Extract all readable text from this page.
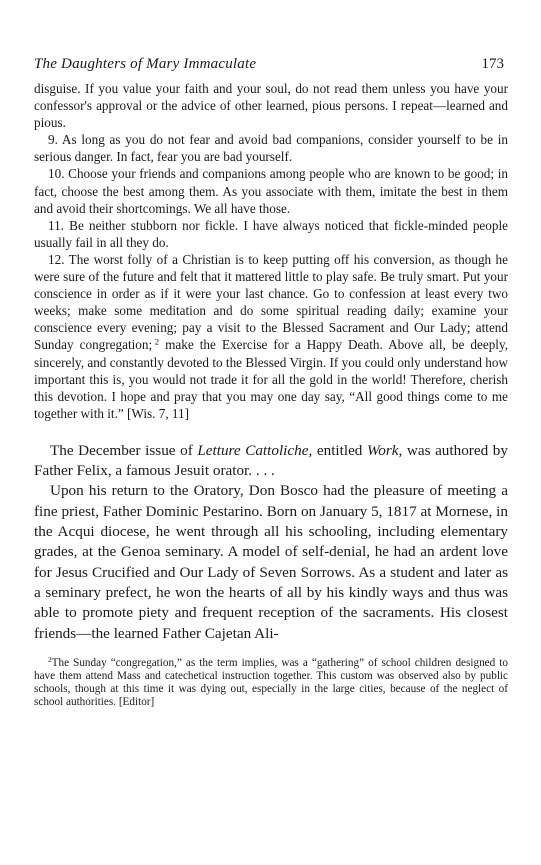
The Daughters of Mary Immaculate	173

disguise. If you value your faith and your soul, do not read them unless you have your confessor's approval or the advice of other learned, pious persons. I repeat—learned and pious.

9. As long as you do not fear and avoid bad companions, consider yourself to be in serious danger. In fact, fear you are bad yourself.

10. Choose your friends and companions among people who are known to be good; in fact, choose the best among them. As you associate with them, imitate the best in them and avoid their shortcomings. We all have those.

11. Be neither stubborn nor fickle. I have always noticed that fickle-minded people usually fail in all they do.

12. The worst folly of a Christian is to keep putting off his conversion, as though he were sure of the future and felt that it mattered little to play safe. Be truly smart. Put your conscience in order as if it were your last chance. Go to confession at least every two weeks; make some meditation and do some spiritual reading daily; examine your conscience every evening; pay a visit to the Blessed Sacrament and Our Lady; attend Sunday congregation;  $^2$ make the Exercise for a Happy Death. Above all, be deeply, sincerely, and constantly devoted to the Blessed Virgin. If you could only understand how important this is, you would not trade it for all the gold in the world! Therefore, cherish this devotion. I hope and pray that you may one day say, “All good things come to me together with it.” [Wis. 7, 11]

The December issue of Letture Cattoliche, entitled Work, was authored by Father Felix, a famous Jesuit orator. . . .

Upon his return to the Oratory, Don Bosco had the pleasure of meeting a fine priest, Father Dominic Pestarino. Born on January 5, 1817 at Mornese, in the Acqui diocese, he went through all his schooling, including elementary grades, at the Genoa seminary. A model of self-denial, he had an ardent love for Jesus Crucified and Our Lady of Seven Sorrows. As a student and later as a seminary prefect, he won the hearts of all by his kindly ways and thus was able to promote piety and frequent reception of the sacraments. His closest friends—the learned Father Cajetan Ali-

$^2$The Sunday “congregation,” as the term implies, was a “gathering” of school children designed to have them attend Mass and catechetical instruction together. This custom was observed also by public schools, though at this time it was dying out, especially in the large cities, because of the neglect of school authorities. [Editor]
